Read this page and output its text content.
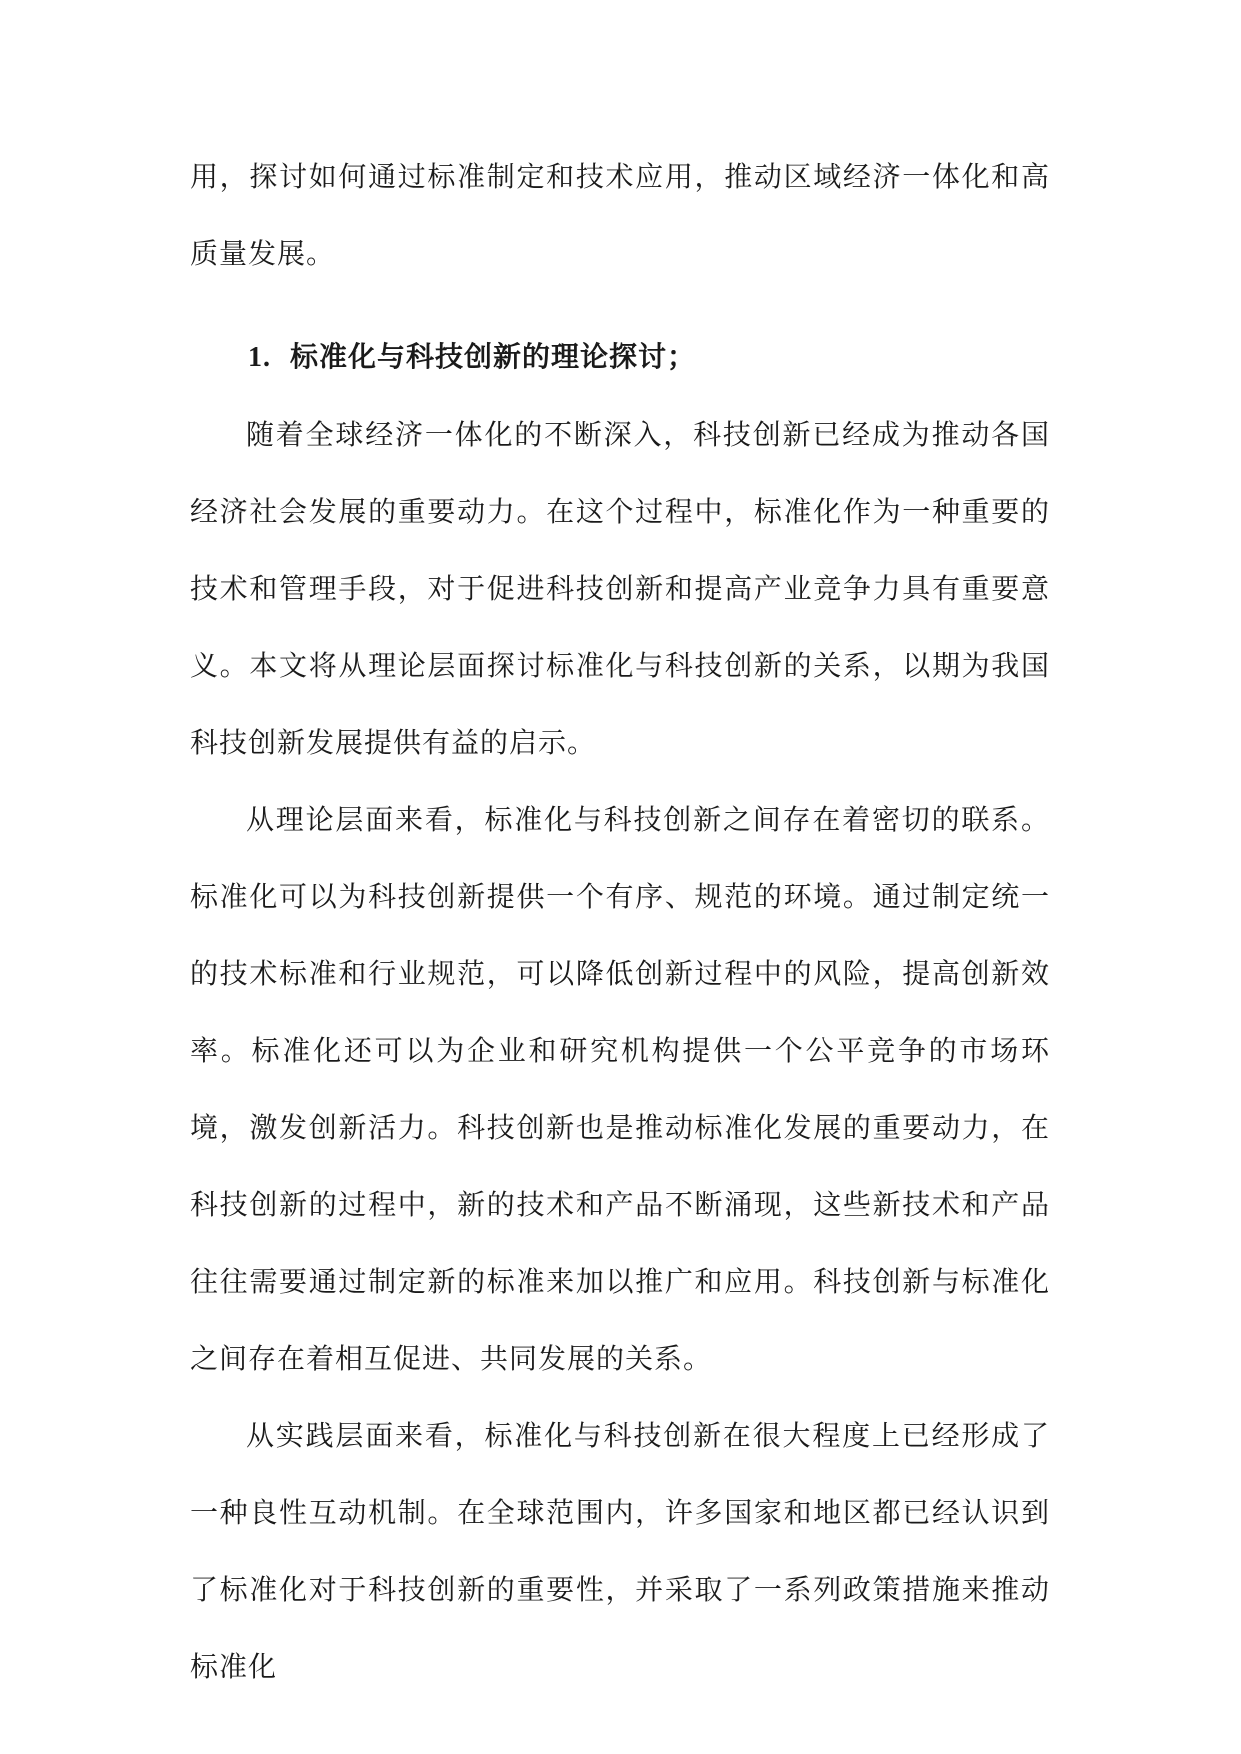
用，探讨如何通过标准制定和技术应用，推动区域经济一体化和高质量发展。

1. 标准化与科技创新的理论探讨；

随着全球经济一体化的不断深入，科技创新已经成为推动各国经济社会发展的重要动力。在这个过程中，标准化作为一种重要的技术和管理手段，对于促进科技创新和提高产业竞争力具有重要意义。本文将从理论层面探讨标准化与科技创新的关系，以期为我国科技创新发展提供有益的启示。

从理论层面来看，标准化与科技创新之间存在着密切的联系。标准化可以为科技创新提供一个有序、规范的环境。通过制定统一的技术标准和行业规范，可以降低创新过程中的风险，提高创新效率。标准化还可以为企业和研究机构提供一个公平竞争的市场环境，激发创新活力。科技创新也是推动标准化发展的重要动力，在科技创新的过程中，新的技术和产品不断涌现，这些新技术和产品往往需要通过制定新的标准来加以推广和应用。科技创新与标准化之间存在着相互促进、共同发展的关系。

从实践层面来看，标准化与科技创新在很大程度上已经形成了一种良性互动机制。在全球范围内，许多国家和地区都已经认识到了标准化对于科技创新的重要性，并采取了一系列政策措施来推动标准化
